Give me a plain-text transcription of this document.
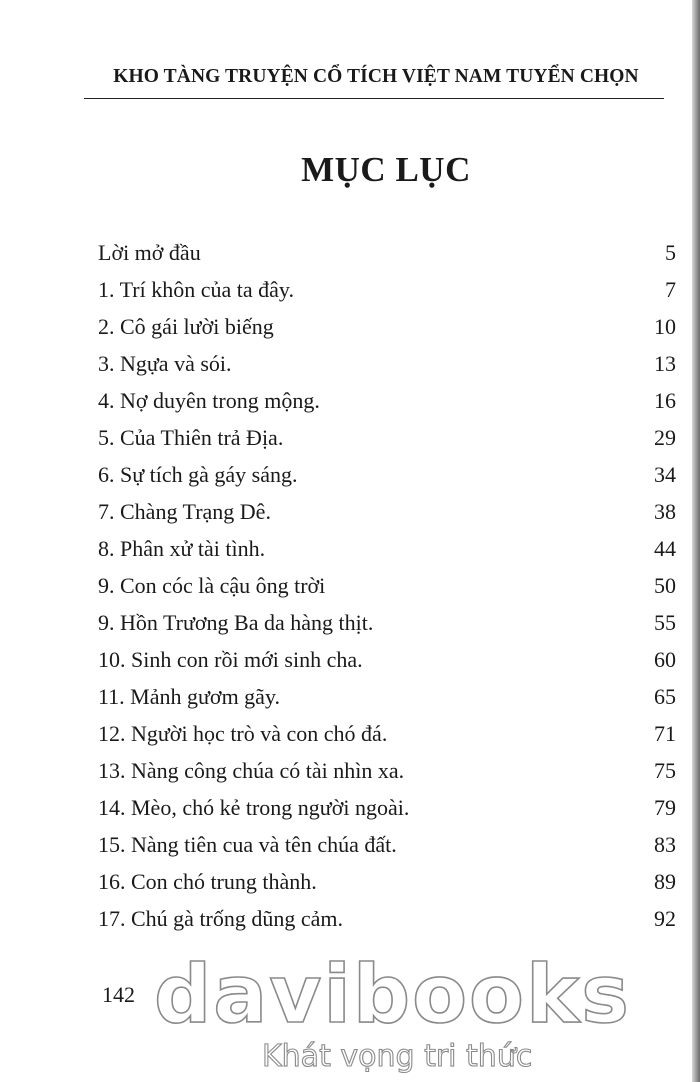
KHO TÀNG TRUYỆN CỔ TÍCH VIỆT NAM TUYỂN CHỌN
MỤC LỤC
Lời mở đầu	5
1. Trí khôn của ta đây.	7
2. Cô gái lười biếng	10
3. Ngựa và sói.	13
4. Nợ duyên trong mộng.	16
5. Của Thiên trả Địa.	29
6. Sự tích gà gáy sáng.	34
7. Chàng Trạng Dê.	38
8. Phân xử tài tình.	44
9. Con cóc là cậu ông trời	50
9. Hồn Trương Ba da hàng thịt.	55
10. Sinh con rồi mới sinh cha.	60
11. Mảnh gươm gãy.	65
12. Người học trò và con chó đá.	71
13. Nàng công chúa có tài nhìn xa.	75
14. Mèo, chó kẻ trong người ngoài.	79
15. Nàng tiên cua và tên chúa đất.	83
16. Con chó trung thành.	89
17. Chú gà trống dũng cảm.	92
142 davibooks
Khát vọng tri thức
